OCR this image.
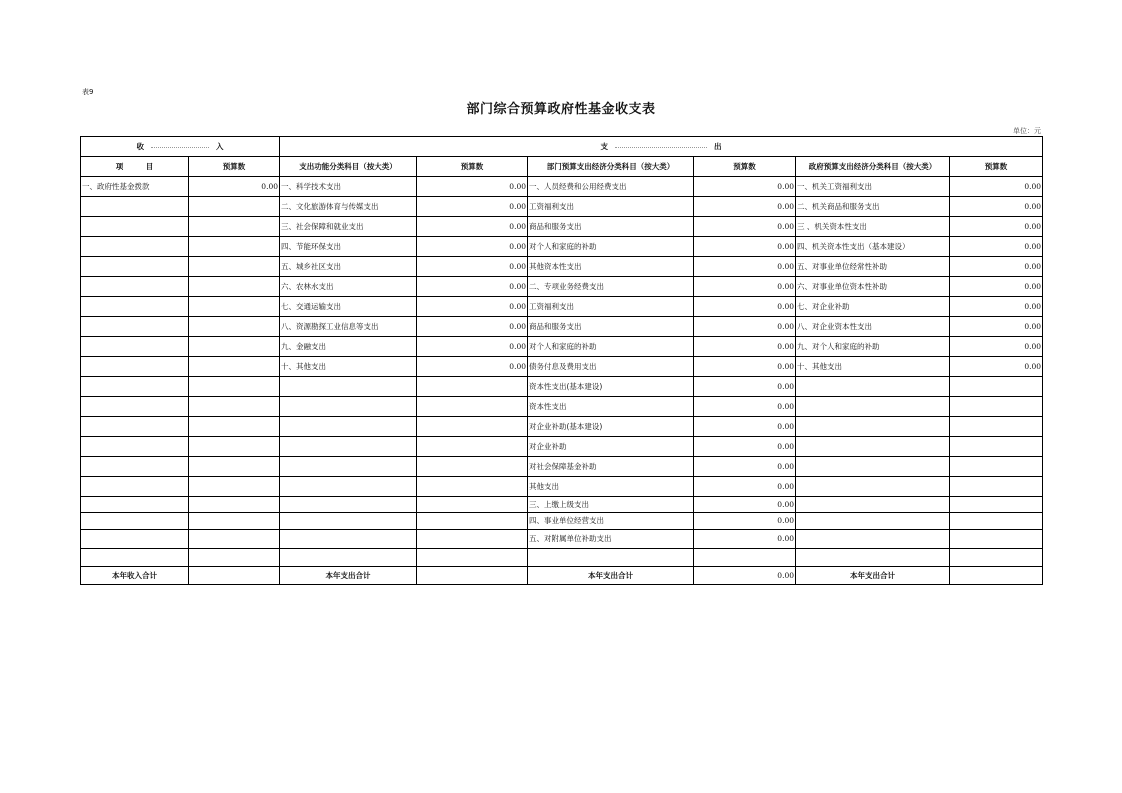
表9
部门综合预算政府性基金收支表
单位：元
收 入		支 出					

项 目	预算数	支出功能分类科目（按大类）	预算数	部门预算支出经济分类科目（按大类）	预算数	政府预算支出经济分类科目（按大类）	预算数
一、政府性基金拨款	0.00	一、科学技术支出	0.00	一、人员经费和公用经费支出	0.00	一、机关工资福利支出	0.00
		二、文化旅游体育与传媒支出	0.00	工资福利支出	0.00	二、机关商品和服务支出	0.00
		三、社会保障和就业支出	0.00	商品和服务支出	0.00	三 、机关资本性支出	0.00
		四、节能环保支出	0.00	对个人和家庭的补助	0.00	四、机关资本性支出（基本建设）	0.00
		五、城乡社区支出	0.00	其他资本性支出	0.00	五、对事业单位经常性补助	0.00
		六、农林水支出	0.00	二、专项业务经费支出	0.00	六、对事业单位资本性补助	0.00
		七、交通运输支出	0.00	工资福利支出	0.00	七、对企业补助	0.00
		八、资源勘探工业信息等支出	0.00	商品和服务支出	0.00	八、对企业资本性支出	0.00
		九、金融支出	0.00	对个人和家庭的补助	0.00	九、对个人和家庭的补助	0.00
		十、其他支出	0.00	债务付息及费用支出	0.00	十、其他支出	0.00
				资本性支出(基本建设)	0.00		
				资本性支出	0.00		
				对企业补助(基本建设)	0.00		
				对企业补助	0.00		
				对社会保障基金补助	0.00		
				其他支出	0.00		
				三、上缴上级支出	0.00		
				四、事业单位经营支出	0.00		
				五、对附属单位补助支出	0.00		

本年收入合计		本年支出合计		本年支出合计	0.00	本年支出合计	
